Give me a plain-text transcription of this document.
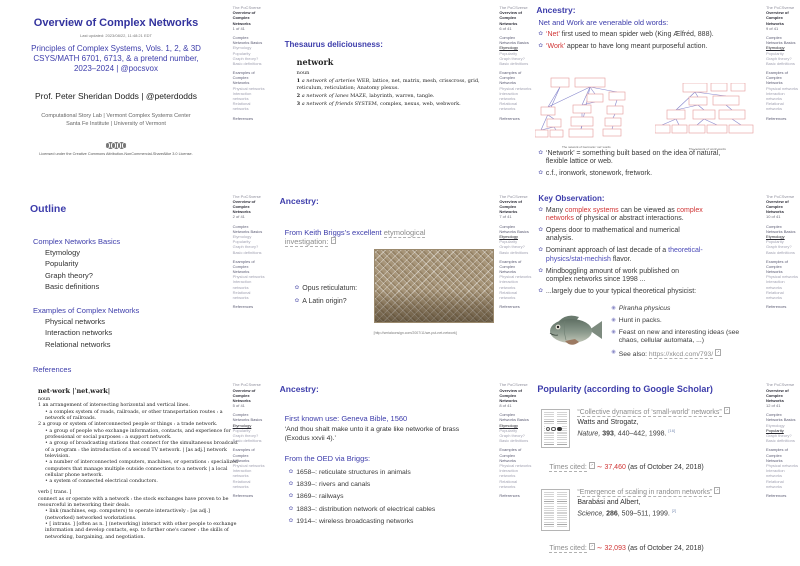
Overview of Complex Networks
Last updated: 2023/08/22, 11:48:21 EDT
Principles of Complex Systems, Vols. 1, 2, & 3D
CSYS/MATH 6701, 6713, & a pretend number,
2023–2024 | @pocsvox
Prof. Peter Sheridan Dodds | @peterdodds
Computational Story Lab | Vermont Complex Systems Center
Santa Fe Institute | University of Vermont
Licensed under the Creative Commons Attribution-NonCommercial-ShareAlike 3.0 License.
The PoCSverse
Overview of Complex Networks
1 of 41
Complex Networks Basics
Etymology
Popularity
Graph theory?
Basic definitions
Examples of Complex Networks
Physical networks
Interaction networks
Relational networks
References
Thesaurus deliciousness:
network
noun
1 a network of arteries WEB, lattice, net, matrix, mesh, crisscross, grid, reticulum, reticulation; Anatomy plexus.
2 a network of lanes MAZE, labyrinth, warren, tangle.
3 a network of friends SYSTEM, complex, nexus, web, webwork.
The PoCSverse
Overview of Complex Networks
6 of 41
Complex Networks Basics
Etymology
Popularity
Graph theory?
Basic definitions
Examples of Complex Networks
Physical networks
Interaction networks
Relational networks
References
Ancestry:
Net and Work are venerable old words:
✿ ‘Net’ first used to mean spider web (King Ælfréd, 888).
✿ ‘Work’ appear to have long meant purposeful action.
The network of Germanic ‘net’ words	The network of ‘work’ words
✿ ‘Network’ = something built based on the idea of natural, flexible lattice or web.
✿ c.f., ironwork, stonework, fretwork.
The PoCSverse
Overview of Complex Networks
9 of 41
Complex Networks Basics
Etymology
Popularity
Graph theory?
Basic definitions
Examples of Complex Networks
Physical networks
Interaction networks
Relational networks
References
Outline
Complex Networks Basics
Etymology
Popularity
Graph theory?
Basic definitions
Examples of Complex Networks
Physical networks
Interaction networks
Relational networks
References
The PoCSverse
Overview of Complex Networks
2 of 41
Complex Networks Basics
Etymology
Popularity
Graph theory?
Basic definitions
Examples of Complex Networks
Physical networks
Interaction networks
Relational networks
References
Ancestry:
From Keith Briggs’s excellent etymological investigation: ↗
✿ Opus reticulatum:
✿ A Latin origin?
[http://serialconsign.com/2007/11/we-put-net-network]
The PoCSverse
Overview of Complex Networks
7 of 41
Complex Networks Basics
Etymology
Popularity
Graph theory?
Basic definitions
Examples of Complex Networks
Physical networks
Interaction networks
Relational networks
References
Key Observation:
✿ Many complex systems can be viewed as complex networks of physical or abstract interactions.
✿ Opens door to mathematical and numerical analysis.
✿ Dominant approach of last decade of a theoretical-physics/stat-mechish flavor.
✿ Mindboggling amount of work published on complex networks since 1998 ...
✿ ...largely due to your typical theoretical physicist:
◉ Piranha physicus
◉ Hunt in packs.
◉ Feast on new and interesting ideas (see chaos, cellular automata, ...)
◉ See also: https://xkcd.com/793/ ↗
The PoCSverse
Overview of Complex Networks
10 of 41
Complex Networks Basics
Etymology
Popularity
Graph theory?
Basic definitions
Examples of Complex Networks
Physical networks
Interaction networks
Relational networks
References
net·work |ˈnetˌwərk|
noun
1 an arrangement of intersecting horizontal and vertical lines.
• a complex system of roads, railroads, or other transportation routes : a network of railroads.
2 a group or system of interconnected people or things : a trade network.
• a group of people who exchange information, contacts, and experience for professional or social purposes : a support network.
• a group of broadcasting stations that connect for the simultaneous broadcast of a program : the introduction of a second TV network. | [as adj.] network television.
• a number of interconnected computers, machines, or operations : specialized computers that manage multiple outside connections to a network | a local cellular phone network.
• a system of connected electrical conductors.
verb [ trans. ]
connect as or operate with a network : the stock exchanges have proven to be resourceful in networking their deals.
• link (machines, esp. computers) to operate interactively : [as adj.] (networked) networked workstations.
• [ intrans. ] [often as n. ] (networking) interact with other people to exchange information and develop contacts, esp. to further one's career : the skills of networking, bargaining, and negotiation.
The PoCSverse
Overview of Complex Networks
5 of 41
Complex Networks Basics
Etymology
Popularity
Graph theory?
Basic definitions
Examples of Complex Networks
Physical networks
Interaction networks
Relational networks
References
Ancestry:
First known use: Geneva Bible, 1560
‘And thou shalt make unto it a grate like networke of brass (Exodus xxvii 4).’
From the OED via Briggs:
✿ 1658–: reticulate structures in animals
✿ 1839–: rivers and canals
✿ 1869–: railways
✿ 1883–: distribution network of electrical cables
✿ 1914–: wireless broadcasting networks
The PoCSverse
Overview of Complex Networks
8 of 41
Complex Networks Basics
Etymology
Popularity
Graph theory?
Basic definitions
Examples of Complex Networks
Physical networks
Interaction networks
Relational networks
References
Popularity (according to Google Scholar)
“Collective dynamics of ‘small-world’ networks” ↗
Watts and Strogatz,
Nature, 393, 440–442, 1998. [16]
Times cited: ↗ ∼ 37,460 (as of October 24, 2018)
“Emergence of scaling in random networks” ↗
Barabási and Albert,
Science, 286, 509–511, 1999. [2]
Times cited: ↗ ∼ 32,093 (as of October 24, 2018)
The PoCSverse
Overview of Complex Networks
12 of 41
Complex Networks Basics
Etymology
Popularity
Graph theory?
Basic definitions
Examples of Complex Networks
Physical networks
Interaction networks
Relational networks
References
